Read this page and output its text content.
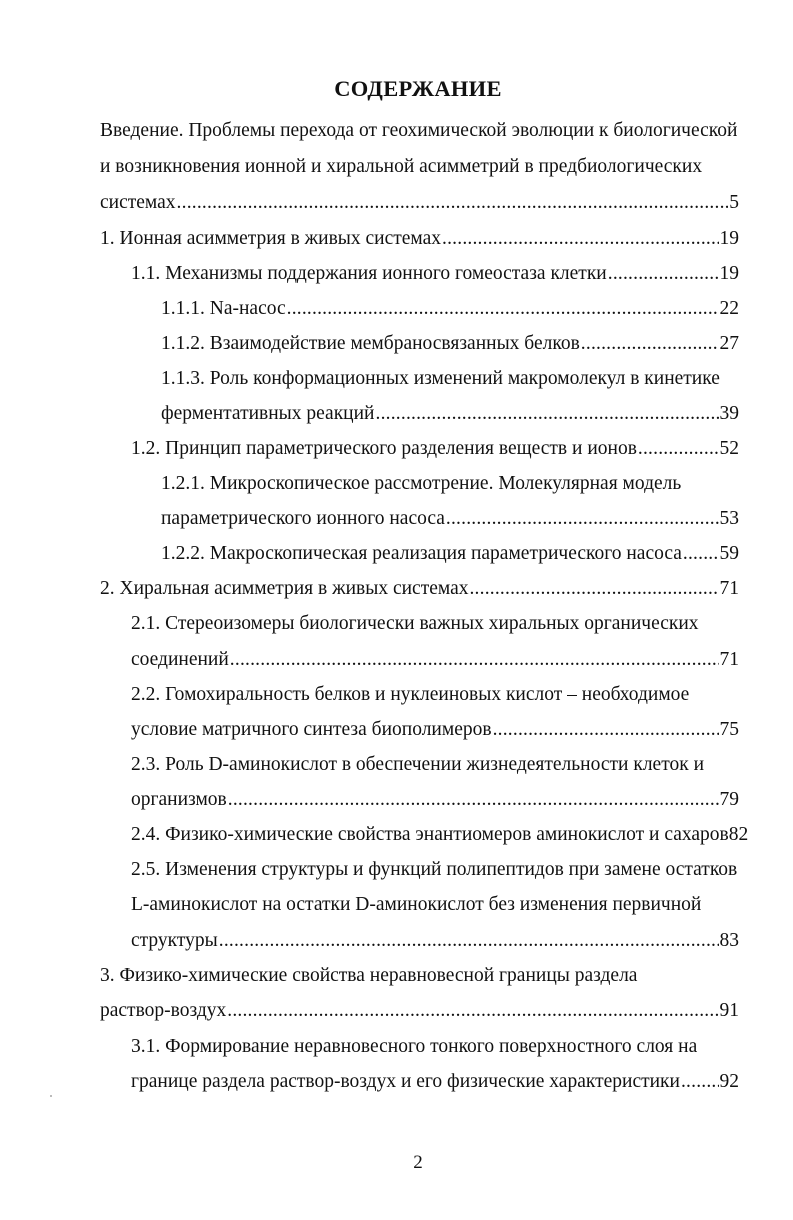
СОДЕРЖАНИЕ
Введение. Проблемы перехода от геохимической эволюции к биологической
и возникновения ионной и хиральной асимметрий в предбиологических
системах .....	5
1. Ионная асимметрия в живых системах .....	19
1.1. Механизмы поддержания ионного гомеостаза клетки .....	19
1.1.1. Na-насос .....	22
1.1.2. Взаимодействие мембраносвязанных белков .....	27
1.1.3. Роль конформационных изменений макромолекул в кинетике
ферментативных реакций .....	39
1.2. Принцип параметрического разделения веществ и ионов .....	52
1.2.1. Микроскопическое рассмотрение. Молекулярная модель
параметрического ионного насоса .....	53
1.2.2. Макроскопическая реализация параметрического насоса ..... 59
2. Хиральная асимметрия в живых системах .....	71
2.1. Стереоизомеры биологически важных хиральных органических
соединений .....	71
2.2. Гомохиральность белков и нуклеиновых кислот – необходимое
условие матричного синтеза биополимеров .....	75
2.3. Роль D-аминокислот в обеспечении жизнедеятельности клеток и
организмов .....	79
2.4. Физико-химические свойства энантиомеров аминокислот и сахаров 82
2.5. Изменения структуры и функций полипептидов при замене остатков
L-аминокислот на остатки D-аминокислот без изменения первичной
структуры .....	83
3. Физико-химические свойства неравновесной границы раздела
раствор-воздух .....	91
3.1. Формирование неравновесного тонкого поверхностного слоя на
границе раздела раствор-воздух и его физические характеристики ..... 92
2
